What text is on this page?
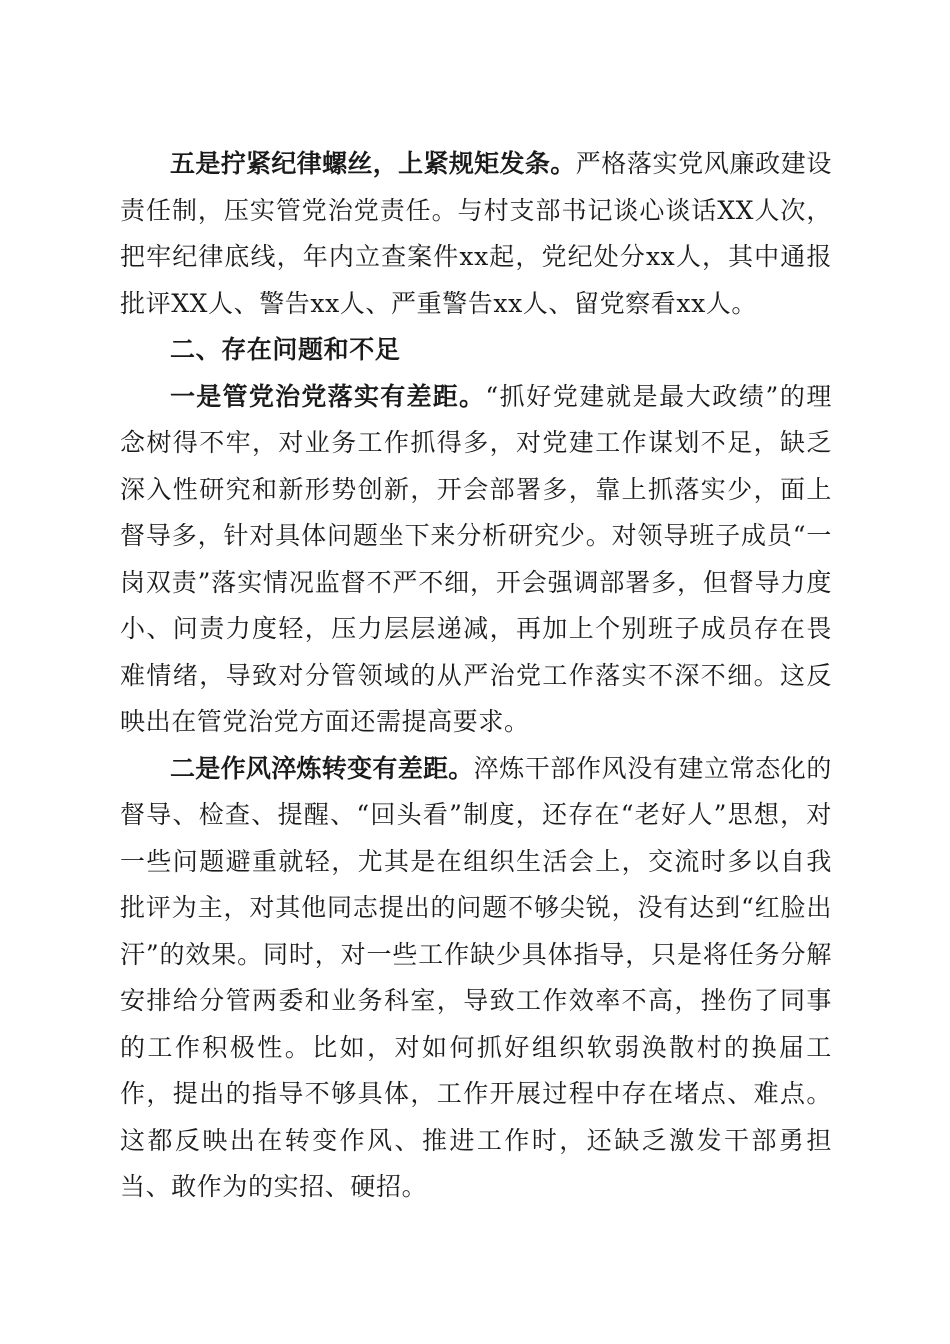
五是拧紧纪律螺丝，上紧规矩发条。严格落实党风廉政建设责任制，压实管党治党责任。与村支部书记谈心谈话XX人次，把牢纪律底线，年内立查案件xx起，党纪处分xx人，其中通报批评XX人、警告xx人、严重警告xx人、留党察看xx人。

二、存在问题和不足

一是管党治党落实有差距。“抓好党建就是最大政绩”的理念树得不牢，对业务工作抓得多，对党建工作谋划不足，缺乏深入性研究和新形势创新，开会部署多，靠上抓落实少，面上督导多，针对具体问题坐下来分析研究少。对领导班子成员“一岗双责”落实情况监督不严不细，开会强调部署多，但督导力度小、问责力度轻，压力层层递减，再加上个别班子成员存在畏难情绪，导致对分管领域的从严治党工作落实不深不细。这反映出在管党治党方面还需提高要求。

二是作风淬炼转变有差距。淬炼干部作风没有建立常态化的督导、检查、提醒、“回头看”制度，还存在“老好人”思想，对一些问题避重就轻，尤其是在组织生活会上，交流时多以自我批评为主，对其他同志提出的问题不够尖锐，没有达到“红脸出汗”的效果。同时，对一些工作缺少具体指导，只是将任务分解安排给分管两委和业务科室，导致工作效率不高，挫伤了同事的工作积极性。比如，对如何抓好组织软弱涣散村的换届工作，提出的指导不够具体，工作开展过程中存在堵点、难点。这都反映出在转变作风、推进工作时，还缺乏激发干部勇担当、敢作为的实招、硬招。
